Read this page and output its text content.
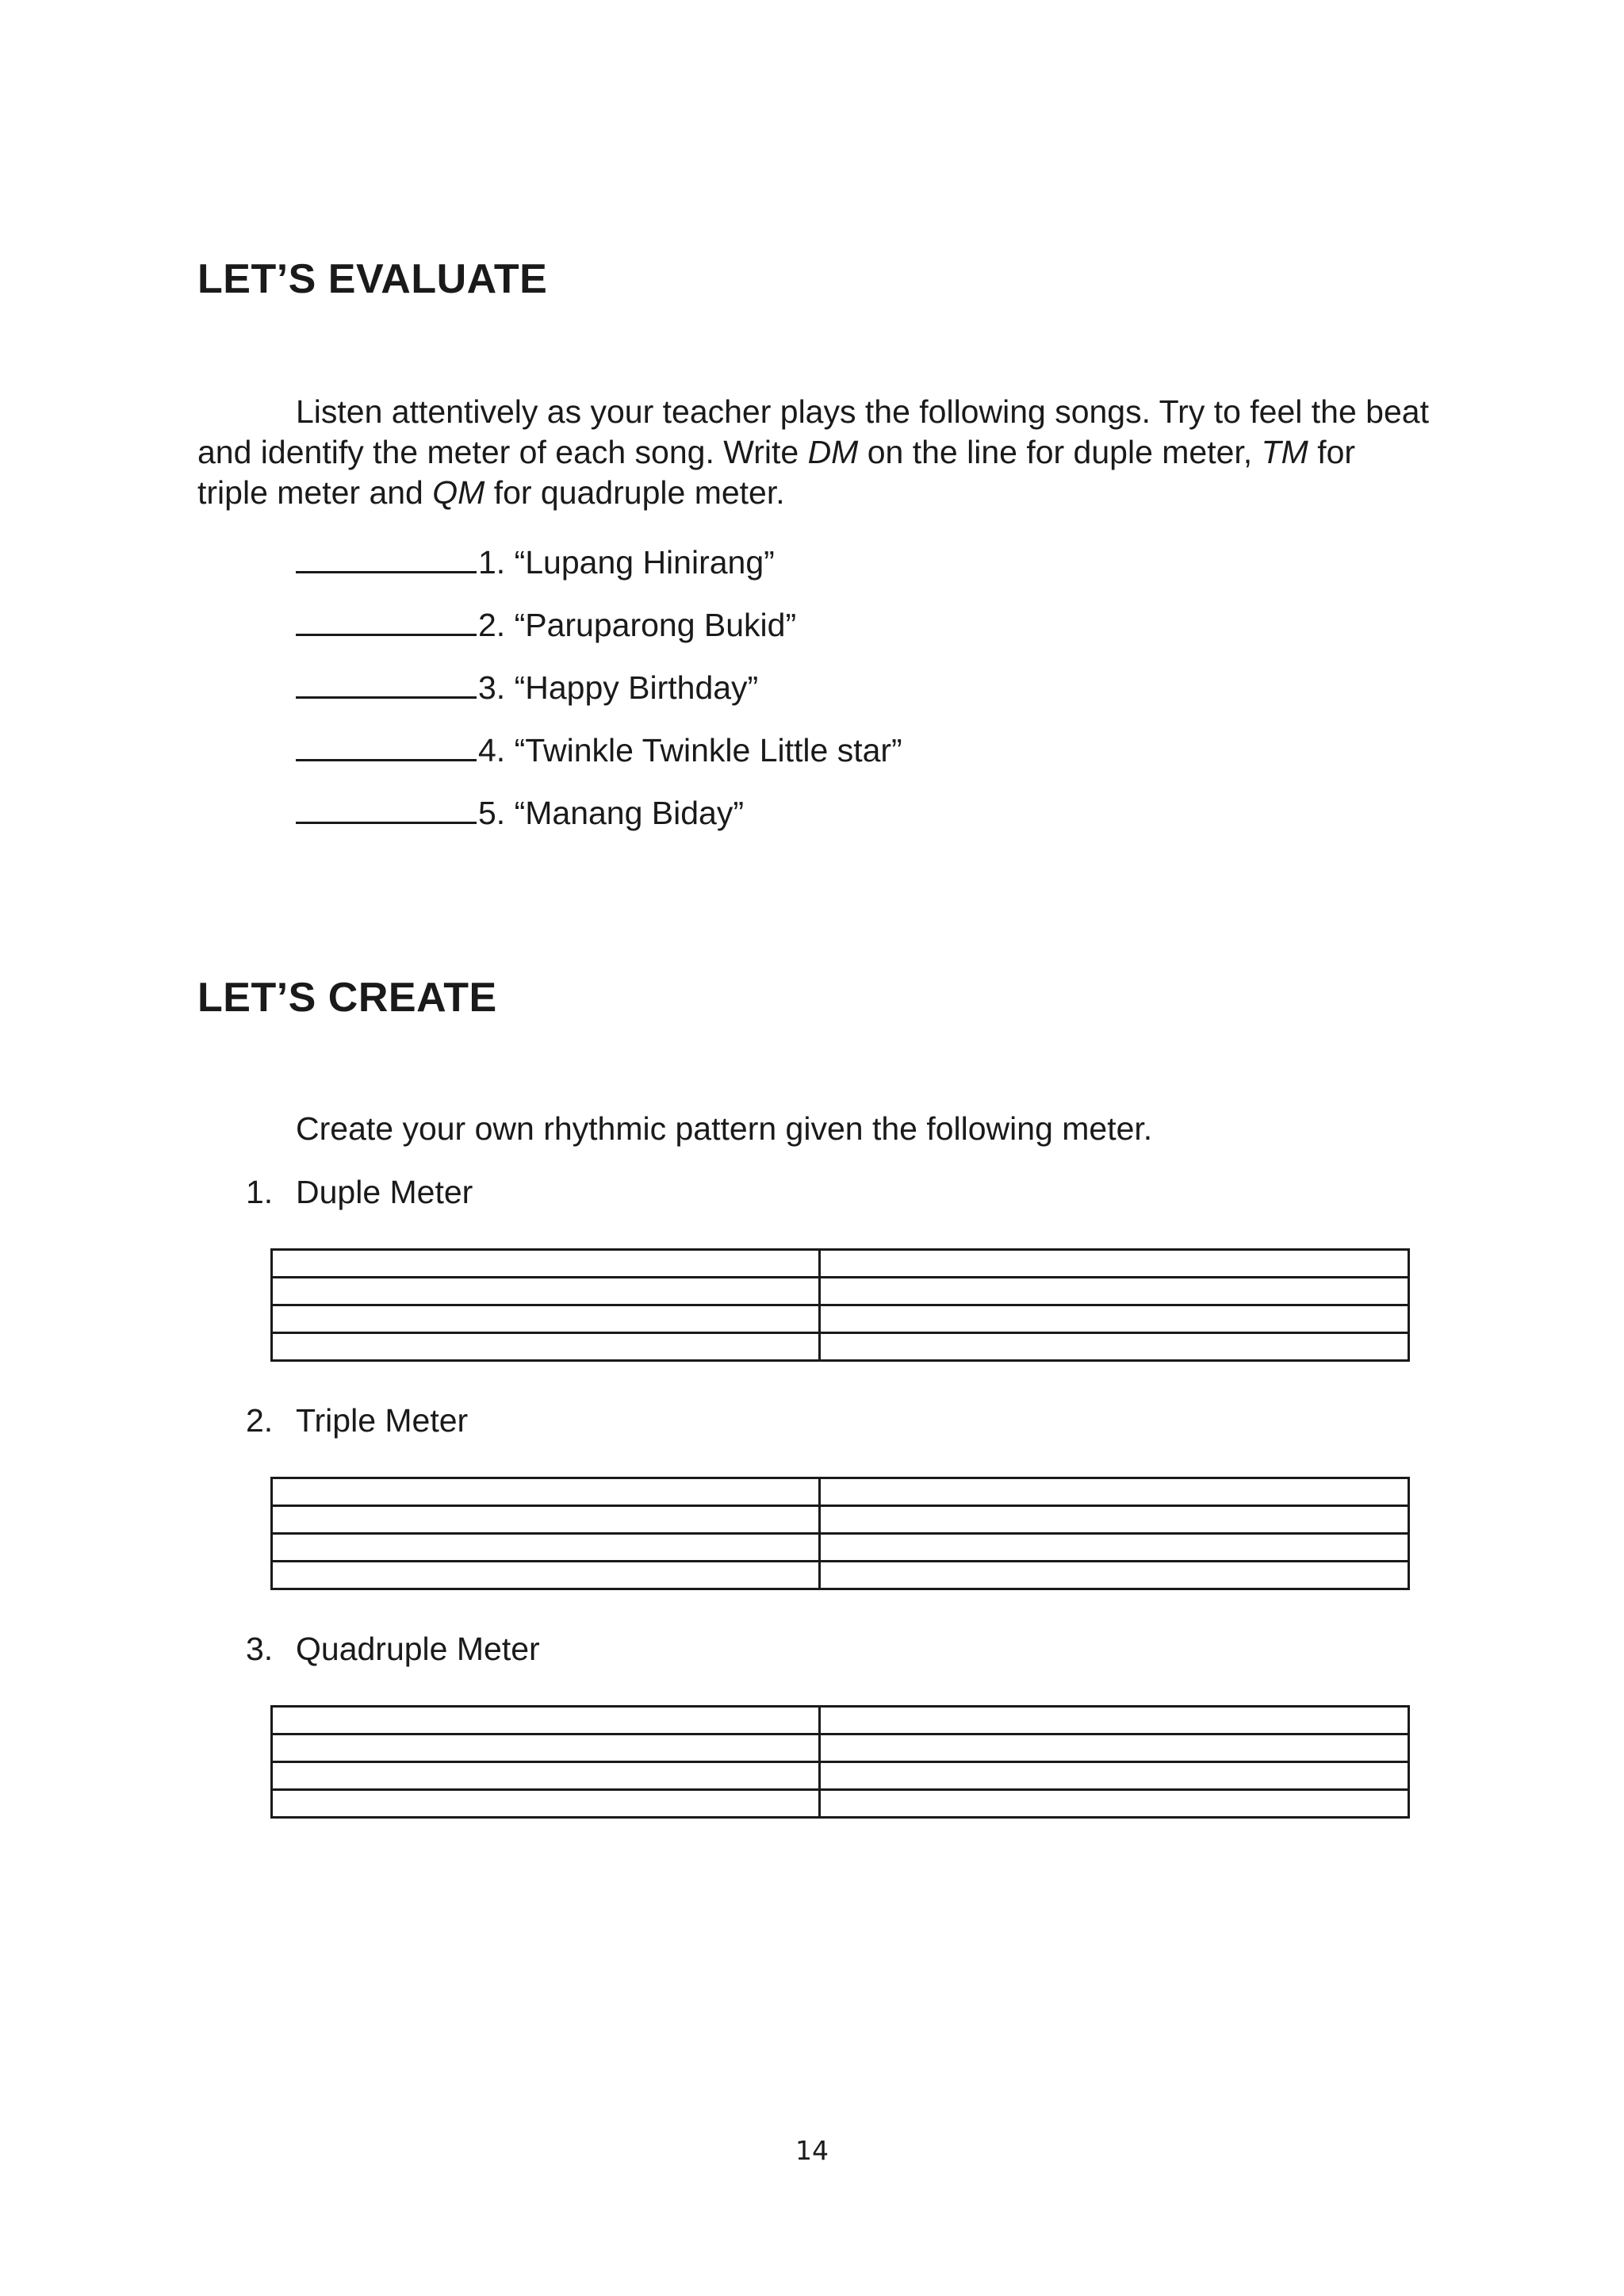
LET’S EVALUATE

Listen attentively as your teacher plays the following songs. Try to feel the beat and identify the meter of each song. Write DM on the line for duple meter, TM for triple meter and QM for quadruple meter.

1. “Lupang Hinirang”
2. “Paruparong Bukid”
3. “Happy Birthday”
4. “Twinkle Twinkle Little star”
5. “Manang Biday”
LET’S CREATE

Create your own rhythmic pattern given the following meter.

1. Duple Meter

2. Triple Meter

3. Quadruple Meter

14
